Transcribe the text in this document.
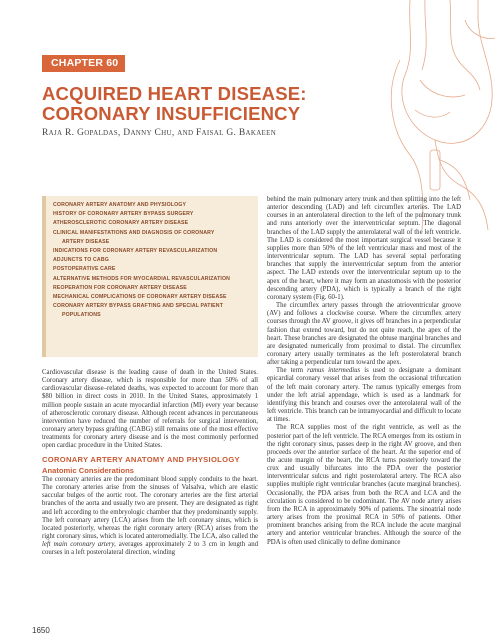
CHAPTER 60
ACQUIRED HEART DISEASE:
CORONARY INSUFFICIENCY
Raja R. Gopaldas, Danny Chu, and Faisal G. Bakaeen
CORONARY ARTERY ANATOMY AND PHYSIOLOGY
HISTORY OF CORONARY ARTERY BYPASS SURGERY
ATHEROSCLEROTIC CORONARY ARTERY DISEASE
CLINICAL MANIFESTATIONS AND DIAGNOSIS OF CORONARY
ARTERY DISEASE
INDICATIONS FOR CORONARY ARTERY REVASCULARIZATION
ADJUNCTS TO CABG
POSTOPERATIVE CARE
ALTERNATIVE METHODS FOR MYOCARDIAL REVASCULARIZATION
REOPERATION FOR CORONARY ARTERY DISEASE
MECHANICAL COMPLICATIONS OF CORONARY ARTERY DISEASE
CORONARY ARTERY BYPASS GRAFTING AND SPECIAL PATIENT
POPULATIONS

Cardiovascular disease is the leading cause of death in the United States. Coronary artery disease, which is responsible for more than 50% of all cardiovascular disease–related deaths, was expected to account for more than $80 billion in direct costs in 2010. In the United States, approximately 1 million people sustain an acute myocardial infarction (MI) every year because of atherosclerotic coronary disease. Although recent advances in percutaneous intervention have reduced the number of referrals for surgical intervention, coronary artery bypass grafting (CABG) still remains one of the most effective treatments for coronary artery disease and is the most commonly performed open cardiac procedure in the United States.

CORONARY ARTERY ANATOMY AND PHYSIOLOGY
Anatomic Considerations

The coronary arteries are the predominant blood supply conduits to the heart. The coronary arteries arise from the sinuses of Valsalva, which are elastic saccular bulges of the aortic root. The coronary arteries are the first arterial branches of the aorta and usually two are present. They are designated as right and left according to the embryologic chamber that they predominantly supply. The left coronary artery (LCA) arises from the left coronary sinus, which is located posteriorly, whereas the right coronary artery (RCA) arises from the right coronary sinus, which is located anteromedially. The LCA, also called the left main coronary artery, averages approximately 2 to 3 cm in length and courses in a left posterolateral direction, winding

behind the main pulmonary artery trunk and then splitting into the left anterior descending (LAD) and left circumflex arteries. The LAD courses in an anterolateral direction to the left of the pulmonary trunk and runs anteriorly over the interventricular septum. The diagonal branches of the LAD supply the anterolateral wall of the left ventricle. The LAD is considered the most important surgical vessel because it supplies more than 50% of the left ventricular mass and most of the interventricular septum. The LAD has several septal perforating branches that supply the interventricular septum from the anterior aspect. The LAD extends over the interventricular septum up to the apex of the heart, where it may form an anastomosis with the posterior descending artery (PDA), which is typically a branch of the right coronary system (Fig. 60-1).

The circumflex artery passes through the atrioventricular groove (AV) and follows a clockwise course. Where the circumflex artery courses through the AV groove, it gives off branches in a perpendicular fashion that extend toward, but do not quite reach, the apex of the heart. These branches are designated the obtuse marginal branches and are designated numerically from proximal to distal. The circumflex coronary artery usually terminates as the left posterolateral branch after taking a perpendicular turn toward the apex.

The term ramus intermedius is used to designate a dominant epicardial coronary vessel that arises from the occasional trifurcation of the left main coronary artery. The ramus typically emerges from under the left atrial appendage, which is used as a landmark for identifying this branch and courses over the anterolateral wall of the left ventricle. This branch can be intramyocardial and difficult to locate at times.

The RCA supplies most of the right ventricle, as well as the posterior part of the left ventricle. The RCA emerges from its ostium in the right coronary sinus, passes deep in the right AV groove, and then proceeds over the anterior surface of the heart. At the superior end of the acute margin of the heart, the RCA turns posteriorly toward the crux and usually bifurcates into the PDA over the posterior interventricular sulcus and right posterolateral artery. The RCA also supplies multiple right ventricular branches (acute marginal branches). Occasionally, the PDA arises from both the RCA and LCA and the circulation is considered to be codominant. The AV node artery arises from the RCA in approximately 90% of patients. The sinoatrial node artery arises from the proximal RCA in 50% of patients. Other prominent branches arising from the RCA include the acute marginal artery and anterior ventricular branches. Although the source of the PDA is often used clinically to define dominance

1650
